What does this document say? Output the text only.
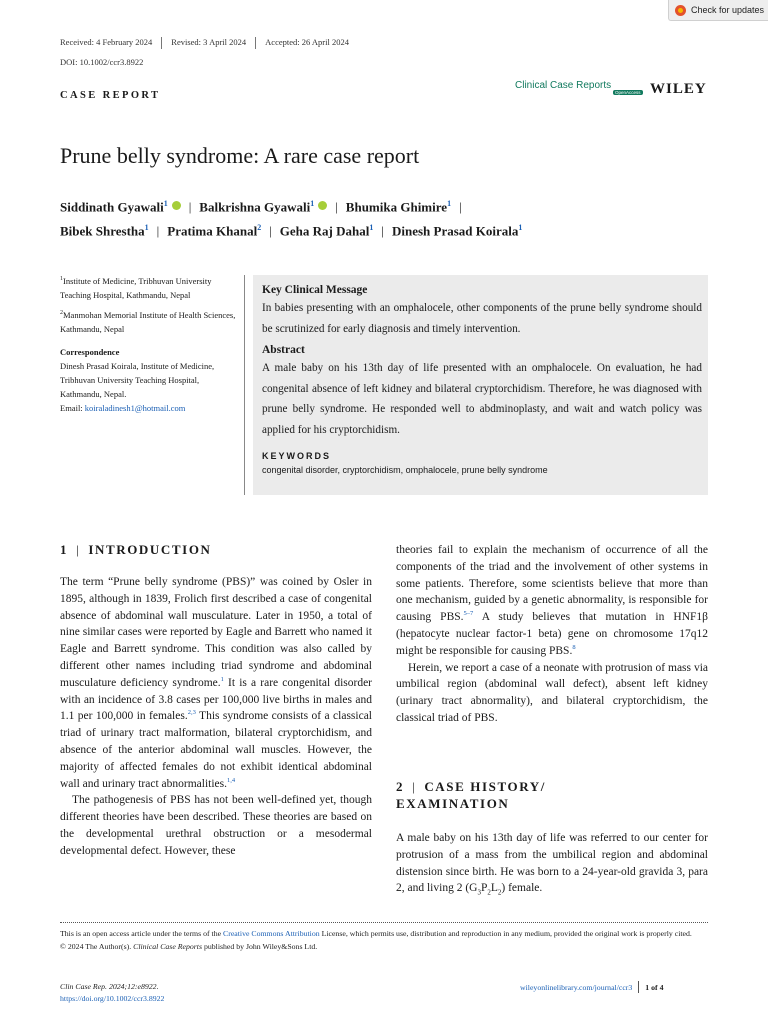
Check for updates
Received: 4 February 2024	Revised: 3 April 2024	Accepted: 26 April 2024
DOI: 10.1002/ccr3.8922
CASE REPORT
Clinical Case Reports
OpenAccess WILEY
Prune belly syndrome: A rare case report
Siddinath Gyawali$^1$	| Balkrishna Gyawali$^1$	| Bhumika Ghimire$^1$ |
Bibek Shrestha$^1$ | Pratima Khanal$^2$ | Geha Raj Dahal$^1$ | Dinesh Prasad Koirala$^1$

$^1$Institute of Medicine, Tribhuvan University Teaching Hospital, Kathmandu, Nepal

$^2$Manmohan Memorial Institute of Health Sciences, Kathmandu, Nepal

Correspondence

Dinesh Prasad Koirala, Institute of Medicine, Tribhuvan University Teaching Hospital, Kathmandu, Nepal.

Email: koiraladinesh1@hotmail.com

Key Clinical Message

In babies presenting with an omphalocele, other components of the prune belly syndrome should be scrutinized for early diagnosis and timely intervention.

Abstract

A male baby on his 13th day of life presented with an omphalocele. On evaluation, he had congenital absence of left kidney and bilateral cryptorchidism. Therefore, he was diagnosed with prune belly syndrome. He responded well to abdminoplasty, and wait and watch policy was applied for his cryptorchidism.

KEYWORDS
congenital disorder, cryptorchidism, omphalocele, prune belly syndrome
1 | INTRODUCTION

The term “Prune belly syndrome (PBS)” was coined by Osler in 1895, although in 1839, Frolich first described a case of congenital absence of abdominal wall musculature. Later in 1950, a total of nine similar cases were reported by Eagle and Barrett who named it Eagle and Barrett syndrome. This condition was also called by different other names including triad syndrome and abdominal musculature deficiency syndrome.$^1$ It is a rare congenital disorder with an incidence of 3.8 cases per 100,000 live births in males and 1.1 per 100,000 in females.$^{2,3}$ This syndrome consists of a classical triad of urinary tract malformation, bilateral cryptorchidism, and absence of the anterior abdominal wall muscles. However, the majority of affected females do not exhibit identical abdominal wall and urinary tract abnormalities.$^{1,4}$

The pathogenesis of PBS has not been well-defined yet, though different theories have been described. These theories are based on the developmental urethral obstruction or a mesodermal developmental defect. However, these

theories fail to explain the mechanism of occurrence of all the components of the triad and the involvement of other systems in some patients. Therefore, some scientists believe that more than one mechanism, guided by a genetic abnormality, is responsible for causing PBS.$^{5-7}$ A study believes that mutation in HNF1β (hepatocyte nuclear factor-1 beta) gene on chromosome 17q12 might be responsible for causing PBS.$^8$

Herein, we report a case of a neonate with protrusion of mass via umbilical region (abdominal wall defect), absent left kidney (urinary tract abnormality), and bilateral cryptorchidism, the classical triad of PBS.

2 | CASE HISTORY/
EXAMINATION

A male baby on his 13th day of life was referred to our center for protrusion of a mass from the umbilical region and abdominal distension since birth. He was born to a 24-year-old gravida 3, para 2, and living 2 $(G_3P_2L_2)$ female.

This is an open access article under the terms of the Creative Commons Attribution License, which permits use, distribution and reproduction in any medium, provided the original work is properly cited.

© 2024 The Author(s). Clinical Case Reports published by John Wiley&Sons Ltd.

Clin Case Rep. 2024;12:e8922.
https://doi.org/10.1002/ccr3.8922
wileyonlinelibrary.com/journal/ccr3 1 of 4
